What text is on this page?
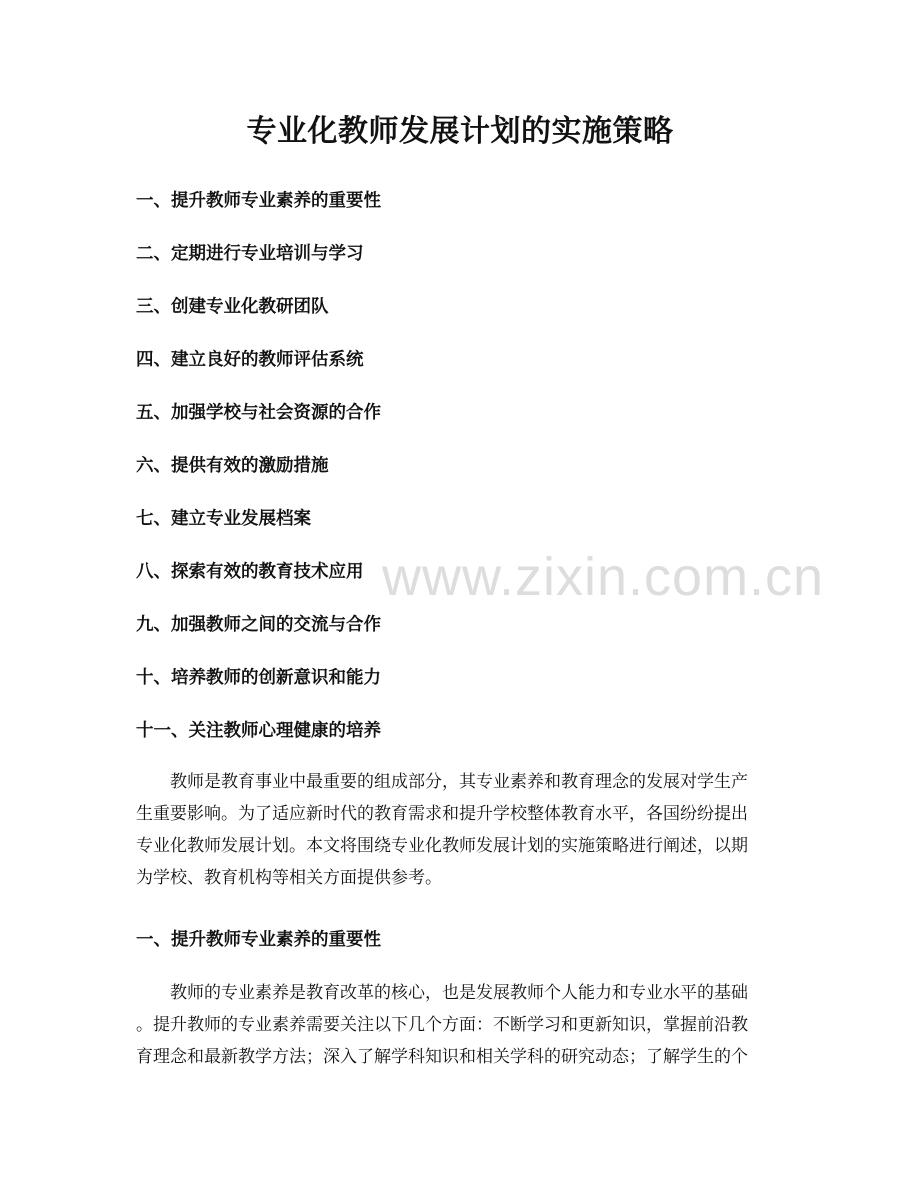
www.zixin.com.cn
专业化教师发展计划的实施策略
一、提升教师专业素养的重要性
二、定期进行专业培训与学习
三、创建专业化教研团队
四、建立良好的教师评估系统
五、加强学校与社会资源的合作
六、提供有效的激励措施
七、建立专业发展档案
八、探索有效的教育技术应用
九、加强教师之间的交流与合作
十、培养教师的创新意识和能力
十一、关注教师心理健康的培养
教师是教育事业中最重要的组成部分，其专业素养和教育理念的发展对学生产
生重要影响。为了适应新时代的教育需求和提升学校整体教育水平，各国纷纷提出
专业化教师发展计划。本文将围绕专业化教师发展计划的实施策略进行阐述，以期
为学校、教育机构等相关方面提供参考。
一、提升教师专业素养的重要性
教师的专业素养是教育改革的核心，也是发展教师个人能力和专业水平的基础
。提升教师的专业素养需要关注以下几个方面：不断学习和更新知识，掌握前沿教
育理念和最新教学方法；深入了解学科知识和相关学科的研究动态；了解学生的个
